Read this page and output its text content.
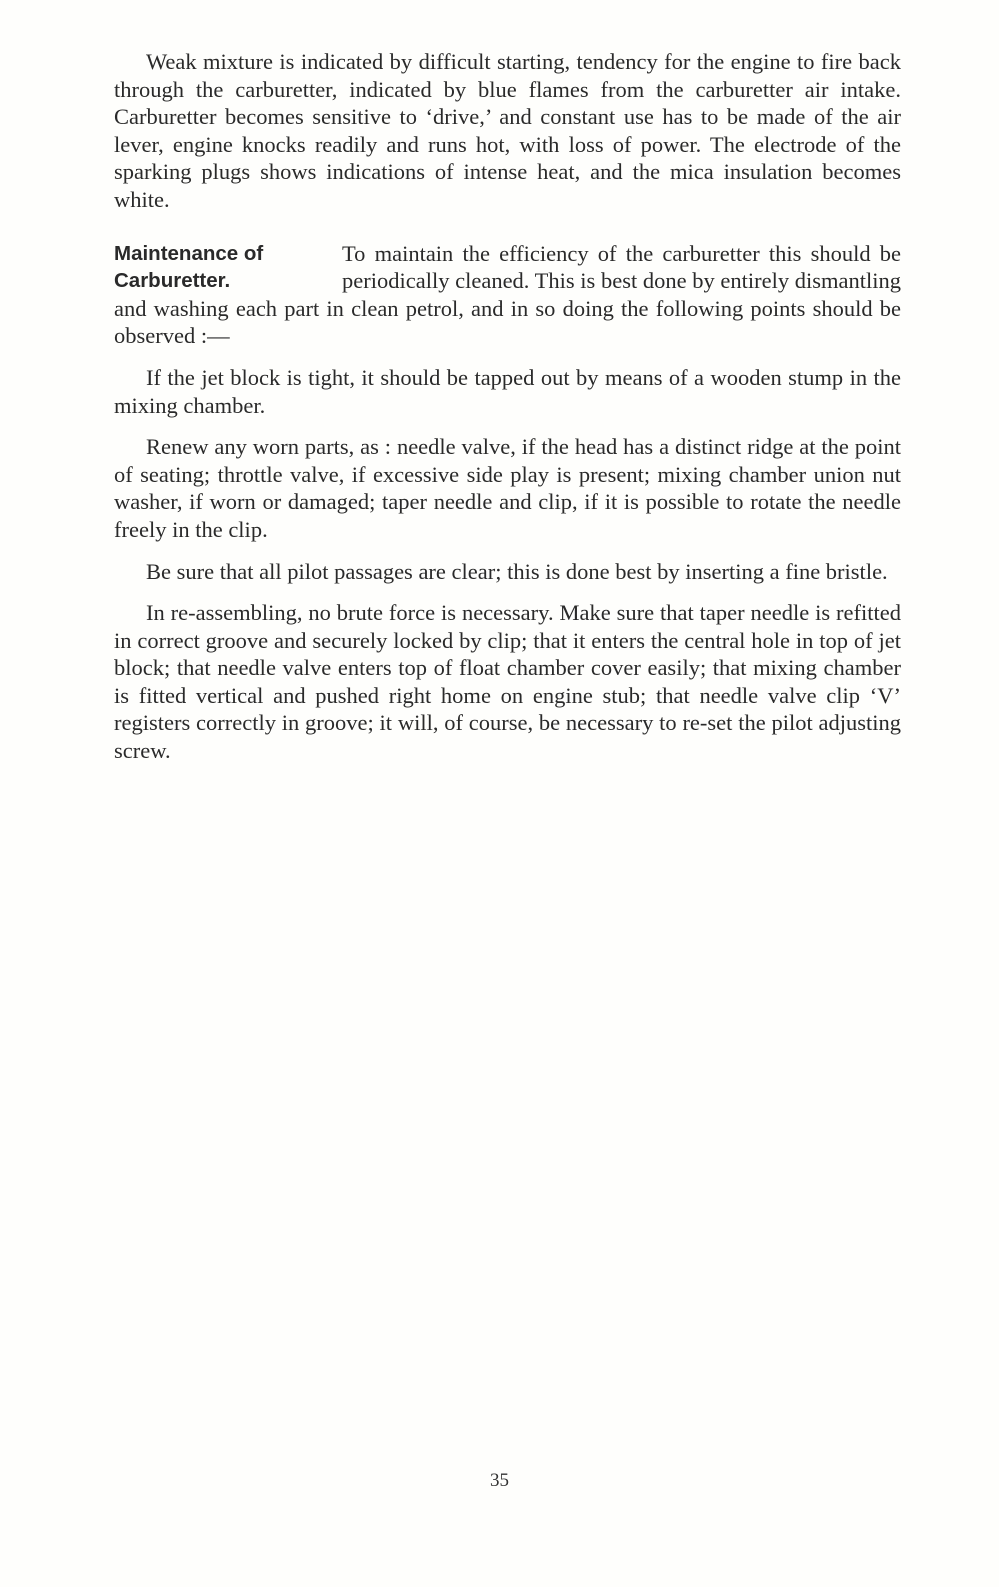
Weak mixture is indicated by difficult starting, tendency for the engine to fire back through the carburetter, indicated by blue flames from the carburetter air intake. Carburetter becomes sensitive to ‘drive,’ and constant use has to be made of the air lever, engine knocks readily and runs hot, with loss of power. The electrode of the sparking plugs shows indications of intense heat, and the mica insulation becomes white.

Maintenance of
Carburetter.

To maintain the efficiency of the carburetter this should be periodically cleaned. This is best done by entirely dismantling and washing each part in clean petrol, and in so doing the following points should be observed :—

If the jet block is tight, it should be tapped out by means of a wooden stump in the mixing chamber.

Renew any worn parts, as : needle valve, if the head has a distinct ridge at the point of seating; throttle valve, if excessive side play is present; mixing chamber union nut washer, if worn or damaged; taper needle and clip, if it is possible to rotate the needle freely in the clip.

Be sure that all pilot passages are clear; this is done best by inserting a fine bristle.

In re-assembling, no brute force is necessary. Make sure that taper needle is refitted in correct groove and securely locked by clip; that it enters the central hole in top of jet block; that needle valve enters top of float chamber cover easily; that mixing chamber is fitted vertical and pushed right home on engine stub; that needle valve clip ‘V’ registers correctly in groove; it will, of course, be necessary to re-set the pilot adjusting screw.

35
